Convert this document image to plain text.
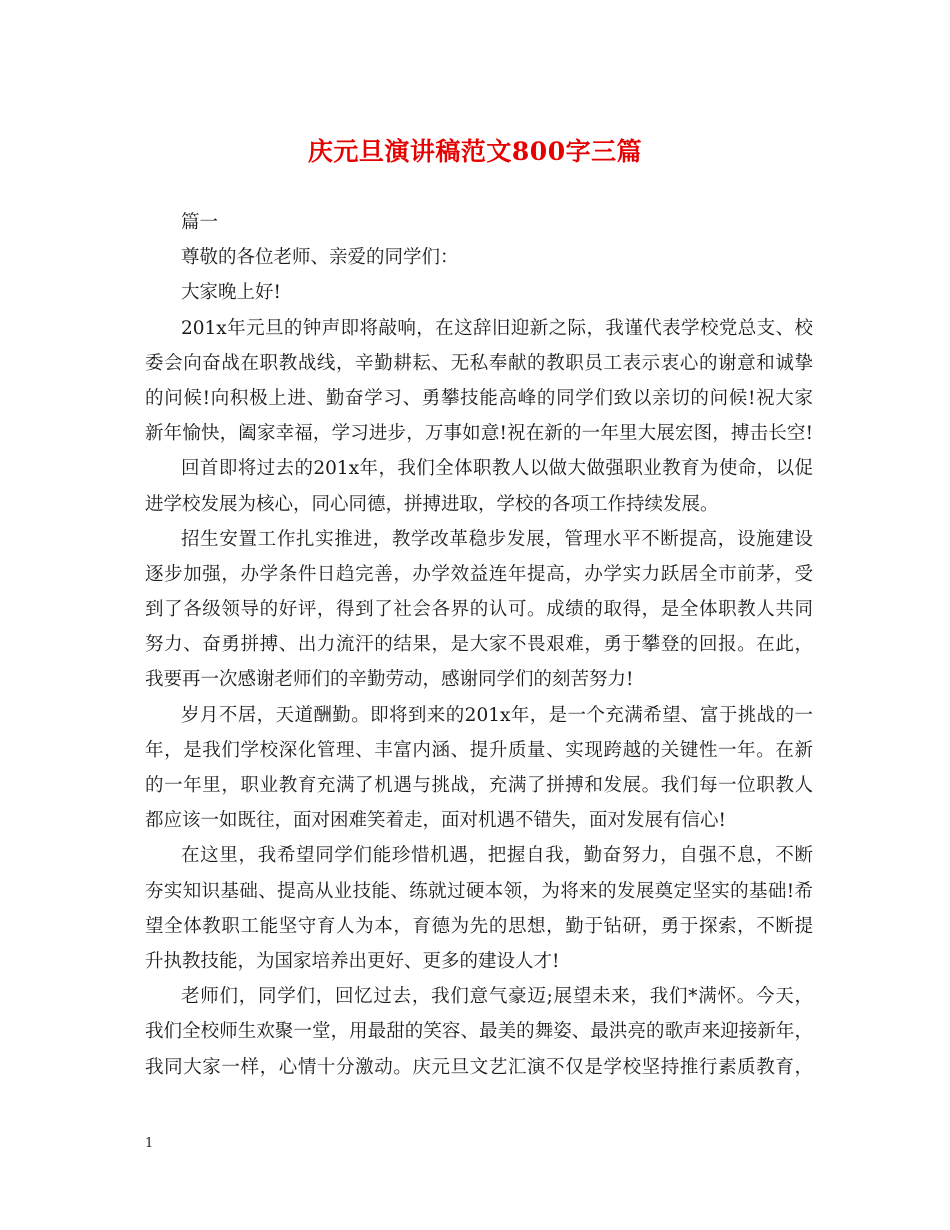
庆元旦演讲稿范文800字三篇
篇一
尊敬的各位老师、亲爱的同学们：
大家晚上好!
201x年元旦的钟声即将敲响，在这辞旧迎新之际，我谨代表学校党总支、校
委会向奋战在职教战线，辛勤耕耘、无私奉献的教职员工表示衷心的谢意和诚挚
的问候!向积极上进、勤奋学习、勇攀技能高峰的同学们致以亲切的问候!祝大家
新年愉快，阖家幸福，学习进步，万事如意!祝在新的一年里大展宏图，搏击长空!
回首即将过去的201x年，我们全体职教人以做大做强职业教育为使命，以促
进学校发展为核心，同心同德，拼搏进取，学校的各项工作持续发展。
招生安置工作扎实推进，教学改革稳步发展，管理水平不断提高，设施建设
逐步加强，办学条件日趋完善，办学效益连年提高，办学实力跃居全市前茅，受
到了各级领导的好评，得到了社会各界的认可。成绩的取得，是全体职教人共同
努力、奋勇拼搏、出力流汗的结果，是大家不畏艰难，勇于攀登的回报。在此，
我要再一次感谢老师们的辛勤劳动，感谢同学们的刻苦努力!
岁月不居，天道酬勤。即将到来的201x年，是一个充满希望、富于挑战的一
年，是我们学校深化管理、丰富内涵、提升质量、实现跨越的关键性一年。在新
的一年里，职业教育充满了机遇与挑战，充满了拼搏和发展。我们每一位职教人
都应该一如既往，面对困难笑着走，面对机遇不错失，面对发展有信心!
在这里，我希望同学们能珍惜机遇，把握自我，勤奋努力，自强不息，不断
夯实知识基础、提高从业技能、练就过硬本领，为将来的发展奠定坚实的基础!希
望全体教职工能坚守育人为本，育德为先的思想，勤于钻研，勇于探索，不断提
升执教技能，为国家培养出更好、更多的建设人才!
老师们，同学们，回忆过去，我们意气豪迈;展望未来，我们*满怀。今天，
我们全校师生欢聚一堂，用最甜的笑容、最美的舞姿、最洪亮的歌声来迎接新年，
我同大家一样，心情十分激动。庆元旦文艺汇演不仅是学校坚持推行素质教育，
1
